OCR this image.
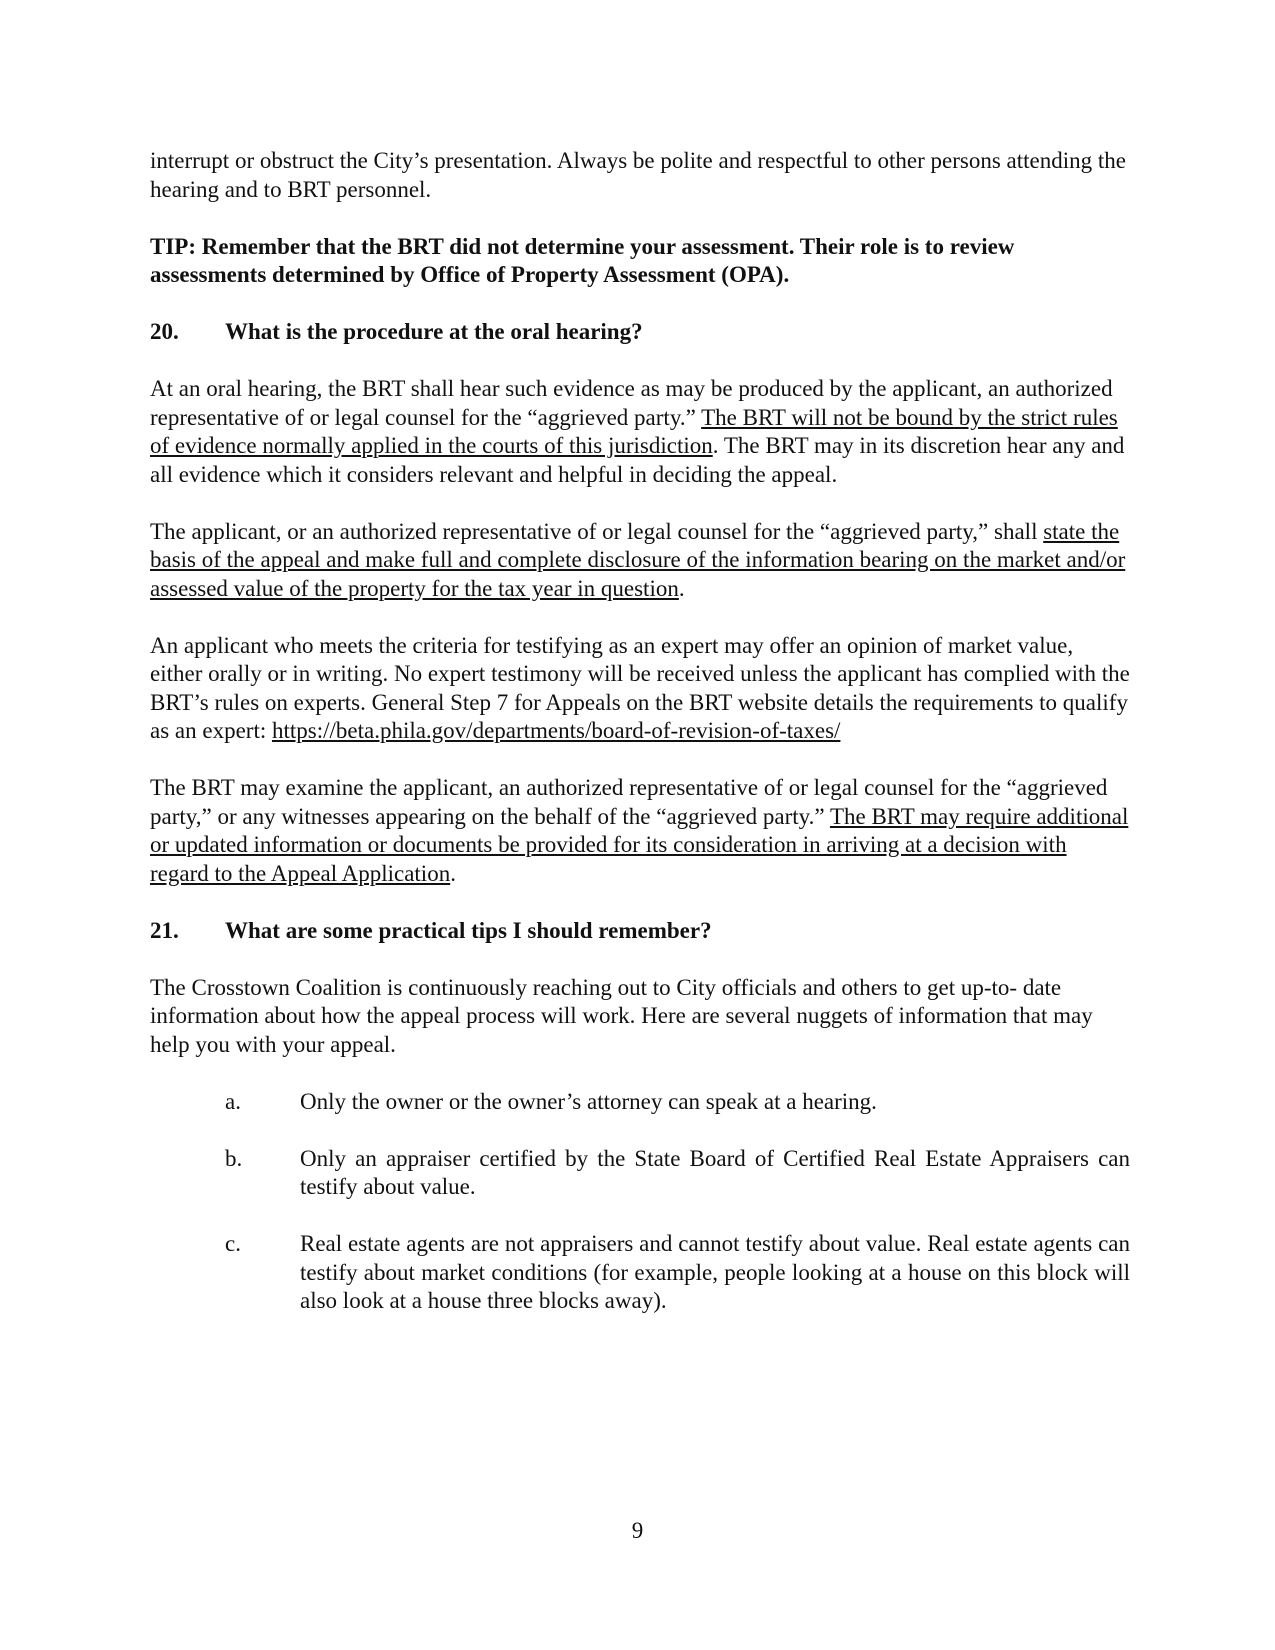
interrupt or obstruct the City’s presentation. Always be polite and respectful to other persons attending the hearing and to BRT personnel.

TIP: Remember that the BRT did not determine your assessment. Their role is to review assessments determined by Office of Property Assessment (OPA).

20.	What is the procedure at the oral hearing?

At an oral hearing, the BRT shall hear such evidence as may be produced by the applicant, an authorized representative of or legal counsel for the “aggrieved party.” The BRT will not be bound by the strict rules of evidence normally applied in the courts of this jurisdiction. The BRT may in its discretion hear any and all evidence which it considers relevant and helpful in deciding the appeal.

The applicant, or an authorized representative of or legal counsel for the “aggrieved party,” shall state the basis of the appeal and make full and complete disclosure of the information bearing on the market and/or assessed value of the property for the tax year in question.

An applicant who meets the criteria for testifying as an expert may offer an opinion of market value, either orally or in writing. No expert testimony will be received unless the applicant has complied with the BRT’s rules on experts. General Step 7 for Appeals on the BRT website details the requirements to qualify as an expert: https://beta.phila.gov/departments/board-of-revision-of-taxes/

The BRT may examine the applicant, an authorized representative of or legal counsel for the “aggrieved party,” or any witnesses appearing on the behalf of the “aggrieved party.” The BRT may require additional or updated information or documents be provided for its consideration in arriving at a decision with regard to the Appeal Application.

21.	What are some practical tips I should remember?

The Crosstown Coalition is continuously reaching out to City officials and others to get up-to- date information about how the appeal process will work. Here are several nuggets of information that may help you with your appeal.

a.	Only the owner or the owner’s attorney can speak at a hearing.
b.	Only an appraiser certified by the State Board of Certified Real Estate Appraisers can testify about value.
c.	Real estate agents are not appraisers and cannot testify about value. Real estate agents can testify about market conditions (for example, people looking at a house on this block will also look at a house three blocks away).
9
